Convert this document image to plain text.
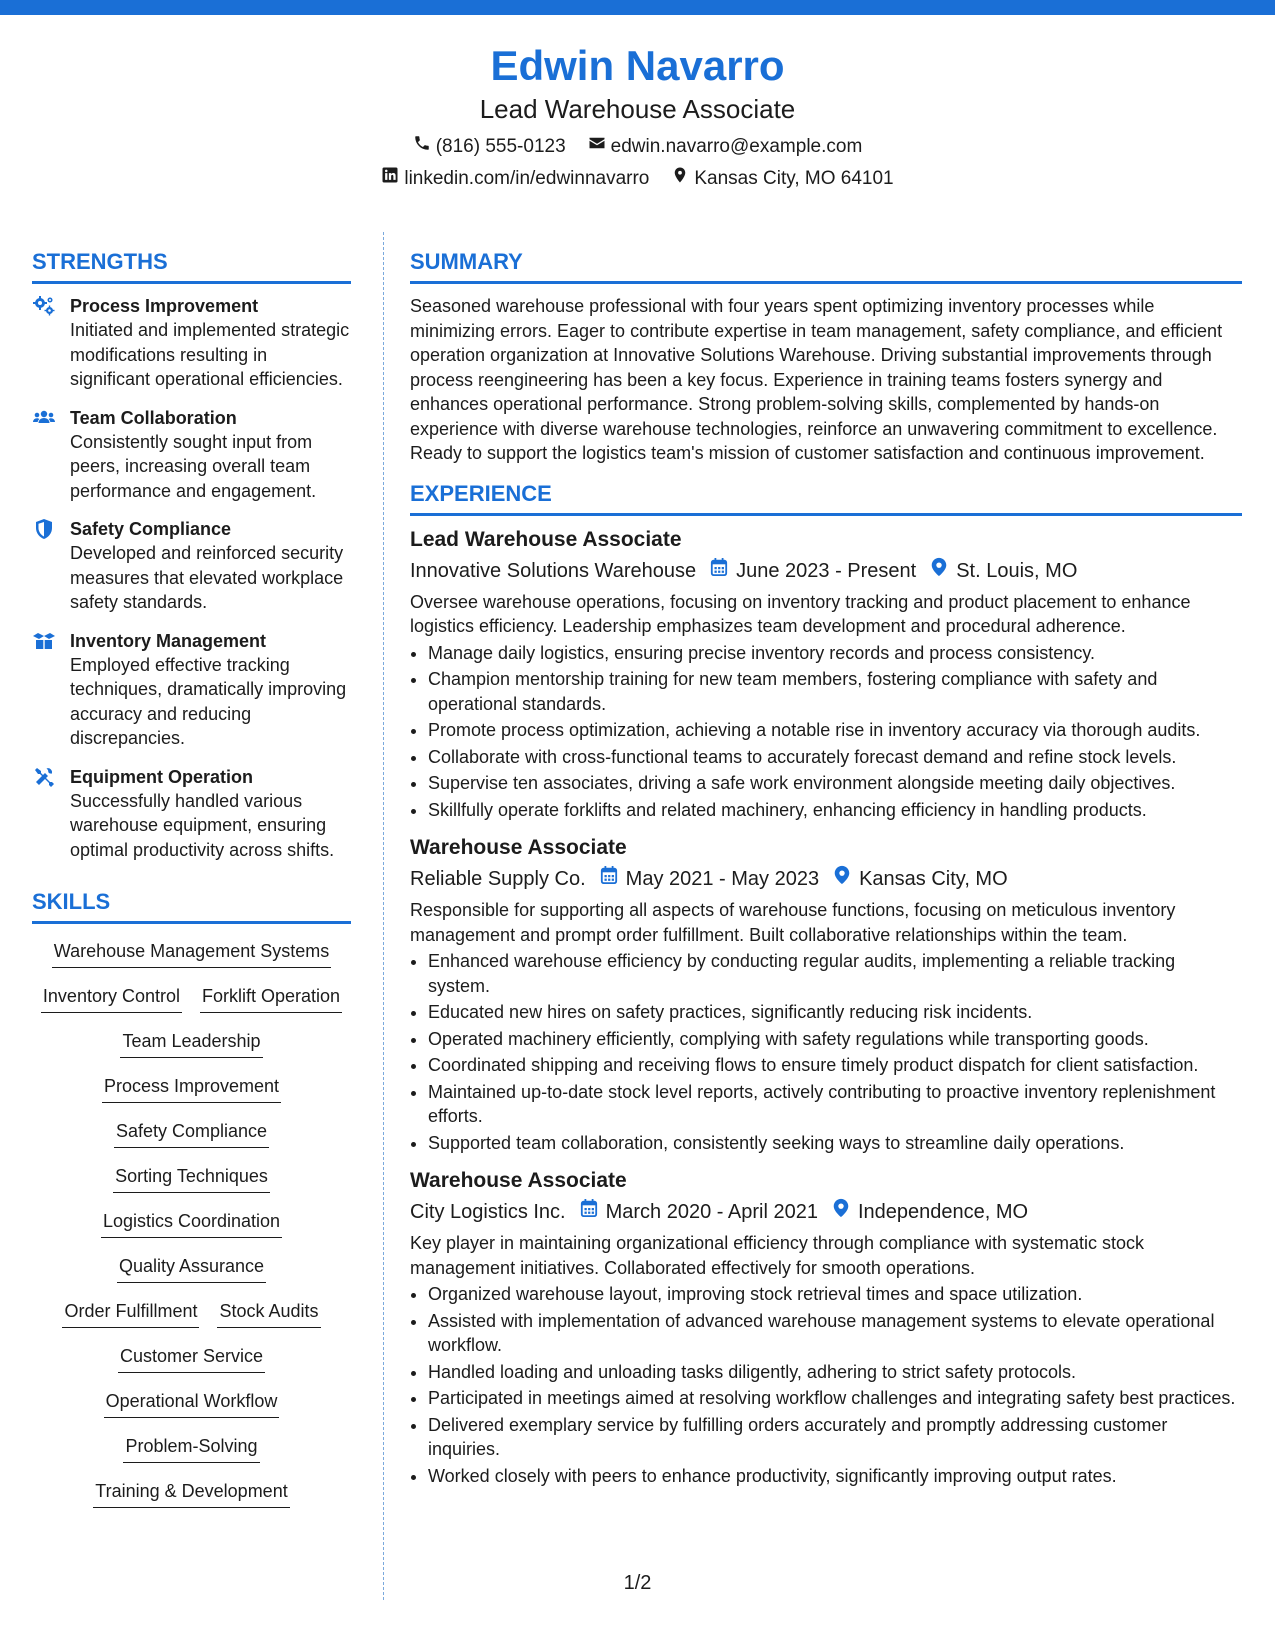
Edwin Navarro
Lead Warehouse Associate
(816) 555-0123 edwin.navarro@example.com
linkedin.com/in/edwinnavarro Kansas City, MO 64101
STRENGTHS
Process Improvement
Initiated and implemented strategic modifications resulting in significant operational efficiencies.
Team Collaboration
Consistently sought input from peers, increasing overall team performance and engagement.
Safety Compliance
Developed and reinforced security measures that elevated workplace safety standards.
Inventory Management
Employed effective tracking techniques, dramatically improving accuracy and reducing discrepancies.
Equipment Operation
Successfully handled various warehouse equipment, ensuring optimal productivity across shifts.
SKILLS
Warehouse Management Systems
Inventory Control Forklift Operation
Team Leadership
Process Improvement
Safety Compliance
Sorting Techniques
Logistics Coordination
Quality Assurance
Order Fulfillment Stock Audits
Customer Service
Operational Workflow
Problem-Solving
Training & Development
SUMMARY

Seasoned warehouse professional with four years spent optimizing inventory processes while minimizing errors. Eager to contribute expertise in team management, safety compliance, and efficient operation organization at Innovative Solutions Warehouse. Driving substantial improvements through process reengineering has been a key focus. Experience in training teams fosters synergy and enhances operational performance. Strong problem-solving skills, complemented by hands-on experience with diverse warehouse technologies, reinforce an unwavering commitment to excellence. Ready to support the logistics team's mission of customer satisfaction and continuous improvement.

EXPERIENCE
Lead Warehouse Associate
Innovative Solutions Warehouse June 2023 - Present St. Louis, MO
Oversee warehouse operations, focusing on inventory tracking and product placement to enhance logistics efficiency. Leadership emphasizes team development and procedural adherence.
• Manage daily logistics, ensuring precise inventory records and process consistency.
• Champion mentorship training for new team members, fostering compliance with safety and operational standards.
• Promote process optimization, achieving a notable rise in inventory accuracy via thorough audits.
• Collaborate with cross-functional teams to accurately forecast demand and refine stock levels.
• Supervise ten associates, driving a safe work environment alongside meeting daily objectives.
• Skillfully operate forklifts and related machinery, enhancing efficiency in handling products.
Warehouse Associate
Reliable Supply Co. May 2021 - May 2023 Kansas City, MO
Responsible for supporting all aspects of warehouse functions, focusing on meticulous inventory management and prompt order fulfillment. Built collaborative relationships within the team.
• Enhanced warehouse efficiency by conducting regular audits, implementing a reliable tracking system.
• Educated new hires on safety practices, significantly reducing risk incidents.
• Operated machinery efficiently, complying with safety regulations while transporting goods.
• Coordinated shipping and receiving flows to ensure timely product dispatch for client satisfaction.
• Maintained up-to-date stock level reports, actively contributing to proactive inventory replenishment efforts.
• Supported team collaboration, consistently seeking ways to streamline daily operations.
Warehouse Associate
City Logistics Inc. March 2020 - April 2021 Independence, MO
Key player in maintaining organizational efficiency through compliance with systematic stock management initiatives. Collaborated effectively for smooth operations.
• Organized warehouse layout, improving stock retrieval times and space utilization.
• Assisted with implementation of advanced warehouse management systems to elevate operational workflow.
• Handled loading and unloading tasks diligently, adhering to strict safety protocols.
• Participated in meetings aimed at resolving workflow challenges and integrating safety best practices.
• Delivered exemplary service by fulfilling orders accurately and promptly addressing customer inquiries.
• Worked closely with peers to enhance productivity, significantly improving output rates.
1/2
